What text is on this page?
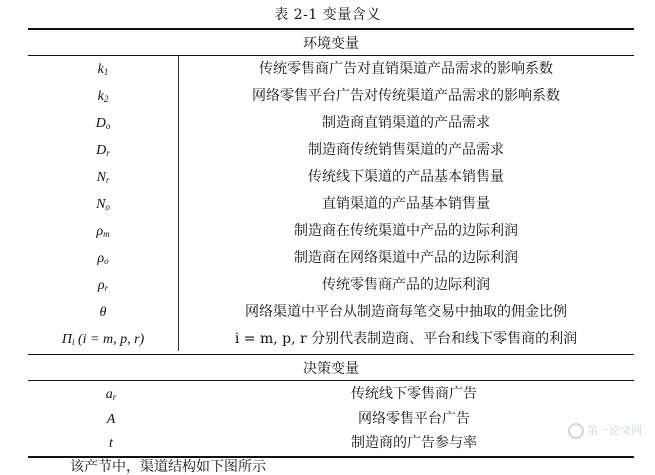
表 2-1 变量含义
环境变量
$k_1$	传统零售商广告对直销渠道产品需求的影响系数
$k_2$	网络零售平台广告对传统渠道产品需求的影响系数
$D_o$	制造商直销渠道的产品需求
$D_r$	制造商传统销售渠道的产品需求
$N_r$	传统线下渠道的产品基本销售量
$N_o$	直销渠道的产品基本销售量
$\rho_m$	制造商在传统渠道中产品的边际利润
$\rho_o$	制造商在网络渠道中产品的边际利润
$\rho_r$	传统零售商产品的边际利润
θ	网络渠道中平台从制造商每笔交易中抽取的佣金比例
$\Pi_i$ (i = m, p, r)	i = m, p, r 分别代表制造商、平台和线下零售商的利润
决策变量
$a_r$	传统线下零售商广告
A	网络零售平台广告
t	制造商的广告参与率
该产节中，渠道结构如下图所示
第一论文网
